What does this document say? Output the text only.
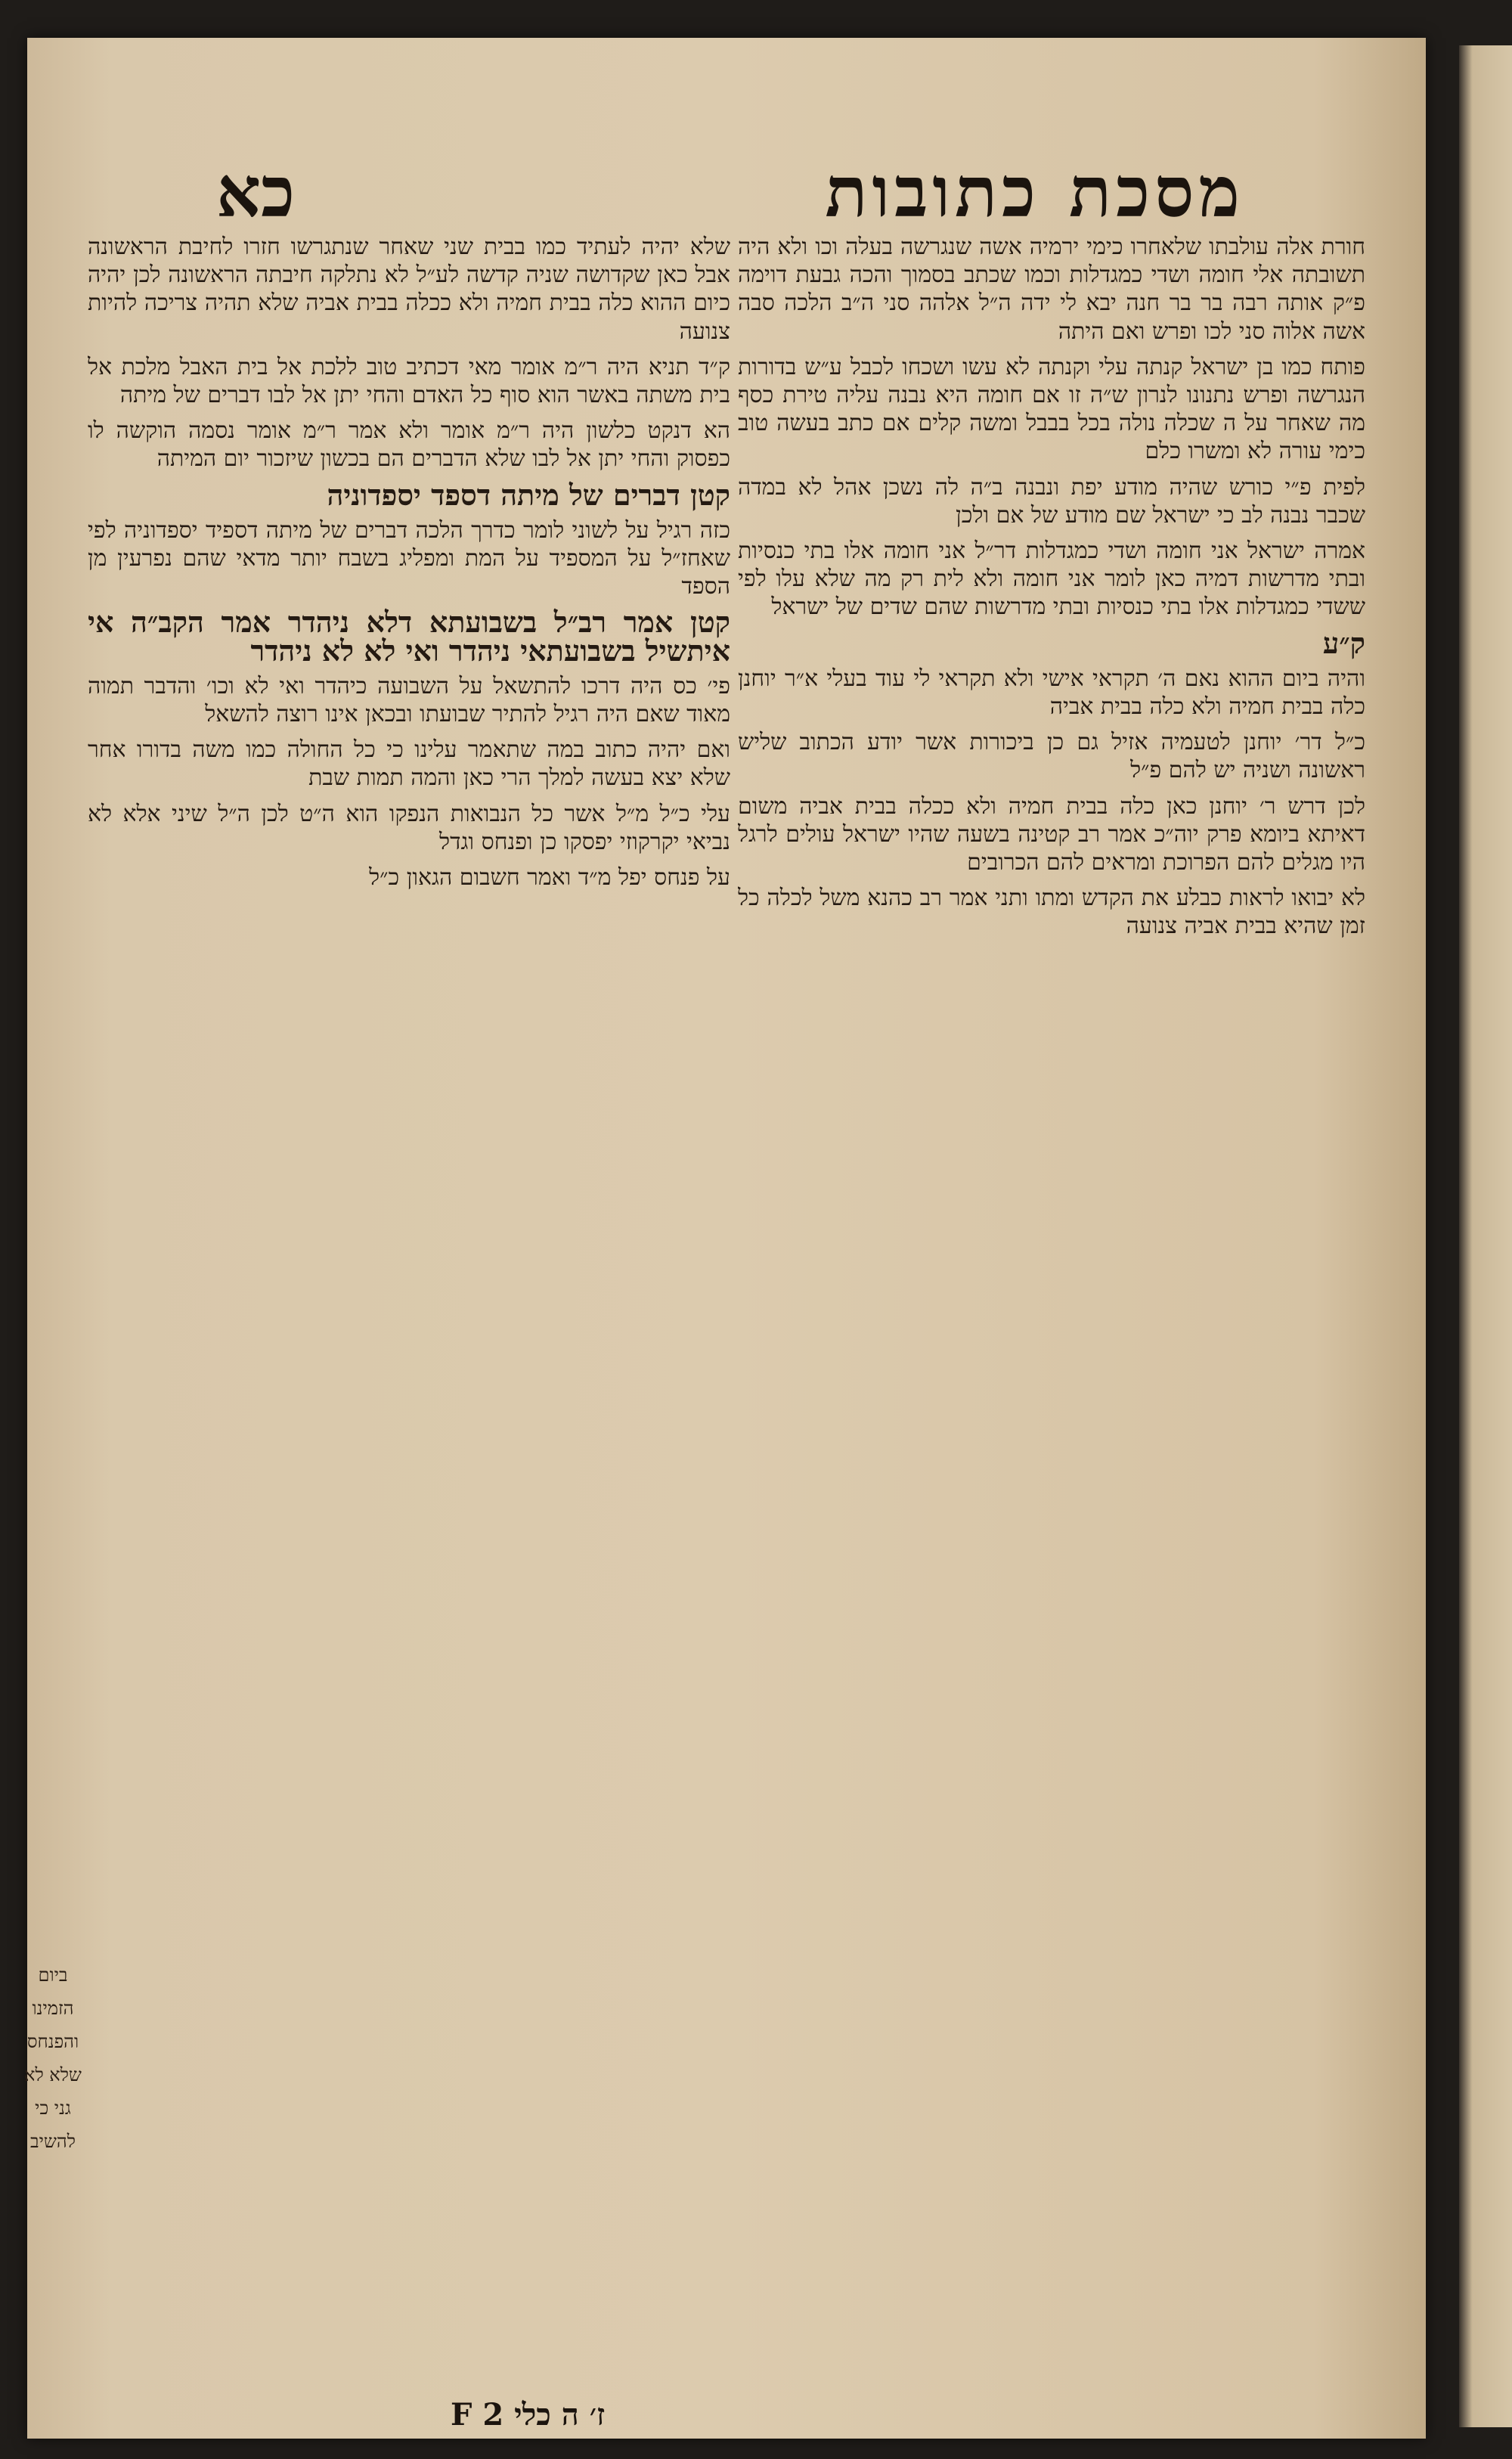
מסכת כתובות
כא

חורת אלה עולבתו שלאחרו כימי ירמיה אשה שנגרשה בעלה וכו ולא היה תשובתה אלי חומה ושדי כמגדלות וכמו שכתב בסמוך והכה גבעת דוימה פ״ק אותה רבה בר בר חנה יבא לי ידה ה״ל אלהה סני ה״ב הלכה סבה אשה אלוה סני לכו ופרש ואם היתה

פותח כמו בן ישראל קנתה עלי וקנתה לא עשו ושכחו לכבל ע״ש בדורות הנגרשה ופרש נתנונו לנרון ש״ה זו אם חומה היא נבנה עליה טירת כסף מה שאחר על ה שכלה נולה בכל בבבל ומשה קלים אם כתב בעשה טוב כימי עורה לא ומשרו כלם

לפית פ״י כורש שהיה מודע יפת ונבנה ב״ה לה נשכן אהל לא במדה שכבר נבנה לב כי ישראל שם מודע של אם ולכן

אמרה ישראל אני חומה ושדי כמגדלות דר״ל אני חומה אלו בתי כנסיות ובתי מדרשות דמיה כאן לומר אני חומה ולא לית רק מה שלא עלו לפי ששדי כמגדלות אלו בתי כנסיות ובתי מדרשות שהם שדים של ישראל

ק״ע

והיה ביום ההוא נאם ה׳ תקראי אישי ולא תקראי לי עוד בעלי א״ר יוחנן כלה בבית חמיה ולא כלה בבית אביה

כ״ל דר׳ יוחנן לטעמיה אזיל גם כן ביכורות אשר יודע הכתוב שליש ראשונה ושניה יש להם פ״ל

לכן דרש ר׳ יוחנן כאן כלה בבית חמיה ולא ככלה בבית אביה משום דאיתא ביומא פרק יוה״כ אמר רב קטינה בשעה שהיו ישראל עולים לרגל היו מגלים להם הפרוכת ומראים להם הכרובים

לא יבואו לראות כבלע את הקדש ומתו ותני אמר רב כהנא משל לכלה כל זמן שהיא בבית אביה צנועה

שלא יהיה לעתיד כמו בבית שני שאחר שנתגרשו חזרו לחיבת הראשונה אבל כאן שקדושה שניה קדשה לע״ל לא נתלקה חיבתה הראשונה לכן יהיה כיום ההוא כלה בבית חמיה ולא ככלה בבית אביה שלא תהיה צריכה להיות צנועה

ק״ד תניא היה ר״מ אומר מאי דכתיב טוב ללכת אל בית האבל מלכת אל בית משתה באשר הוא סוף כל האדם והחי יתן אל לבו דברים של מיתה

הא דנקט כלשון היה ר״מ אומר ולא אמר ר״מ אומר נסמה הוקשה לו כפסוק והחי יתן אל לבו שלא הדברים הם בכשון שיזכור יום המיתה

קטן דברים של מיתה דספד יספדוניה

כזה רגיל על לשוני לומר כדרך הלכה דברים של מיתה דספיד יספדוניה לפי שאחז״ל על המספיד על המת ומפליג בשבח יותר מדאי שהם נפרעין מן הספד

קטן אמר רב״ל בשבועתא דלא ניהדר אמר הקב״ה אי איתשיל בשבועתאי ניהדר ואי לא לא ניהדר

פי׳ כס היה דרכו להתשאל על השבועה כיהדר ואי לא וכו׳ והדבר תמוה מאוד שאם היה רגיל להתיר שבועתו ובכאן אינו רוצה להשאל

ואם יהיה כתוב במה שתאמר עלינו כי כל החולה כמו משה בדורו אחר שלא יצא בעשה למלך הרי כאן והמה תמות שבת

עלי כ״ל מ״ל אשר כל הנבואות הנפקו הוא ה״ט לכן ה״ל שיני אלא לא נביאי יקרקוזי יפסקו כן ופנחס וגדל

על פנחס יפל מ״ד ואמר חשבום הגאון כ״ל

ביום הזמינו והפנחס שלא לא גני כי להשיב
F 2 ז׳ ה כלי
